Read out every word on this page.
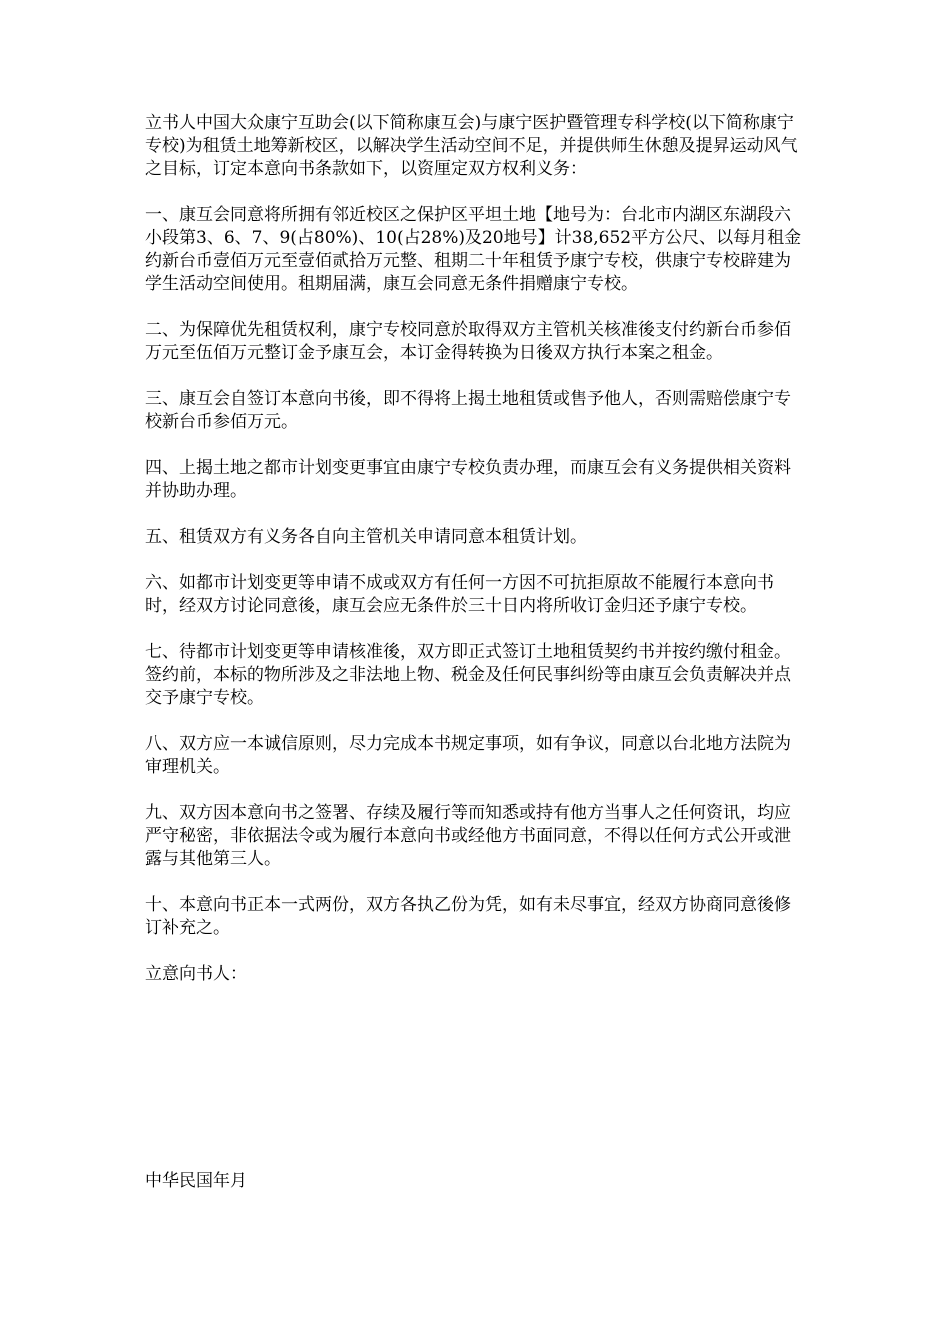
立书人中国大众康宁互助会(以下简称康互会)与康宁医护暨管理专科学校(以下简称康宁专校)为租赁土地筹新校区，以解决学生活动空间不足，并提供师生休憩及提昇运动风气之目标，订定本意向书条款如下，以资厘定双方权利义务：

一、康互会同意将所拥有邻近校区之保护区平坦土地【地号为：台北市内湖区东湖段六小段第3、6、7、9(占80%)、10(占28%)及20地号】计38,652平方公尺、以每月租金约新台币壹佰万元至壹佰贰拾万元整、租期二十年租赁予康宁专校，供康宁专校辟建为学生活动空间使用。租期届满，康互会同意无条件捐赠康宁专校。

二、为保障优先租赁权利，康宁专校同意於取得双方主管机关核准後支付约新台币参佰万元至伍佰万元整订金予康互会，本订金得转换为日後双方执行本案之租金。

三、康互会自签订本意向书後，即不得将上揭土地租赁或售予他人，否则需赔偿康宁专校新台币参佰万元。

四、上揭土地之都市计划变更事宜由康宁专校负责办理，而康互会有义务提供相关资料并协助办理。

五、租赁双方有义务各自向主管机关申请同意本租赁计划。

六、如都市计划变更等申请不成或双方有任何一方因不可抗拒原故不能履行本意向书时，经双方讨论同意後，康互会应无条件於三十日内将所收订金归还予康宁专校。

七、待都市计划变更等申请核准後，双方即正式签订土地租赁契约书并按约缴付租金。签约前，本标的物所涉及之非法地上物、税金及任何民事纠纷等由康互会负责解决并点交予康宁专校。

八、双方应一本诚信原则，尽力完成本书规定事项，如有争议，同意以台北地方法院为审理机关。

九、双方因本意向书之签署、存续及履行等而知悉或持有他方当事人之任何资讯，均应严守秘密，非依据法令或为履行本意向书或经他方书面同意，不得以任何方式公开或泄露与其他第三人。

十、本意向书正本一式两份，双方各执乙份为凭，如有未尽事宜，经双方协商同意後修订补充之。

立意向书人：

中华民国年月
